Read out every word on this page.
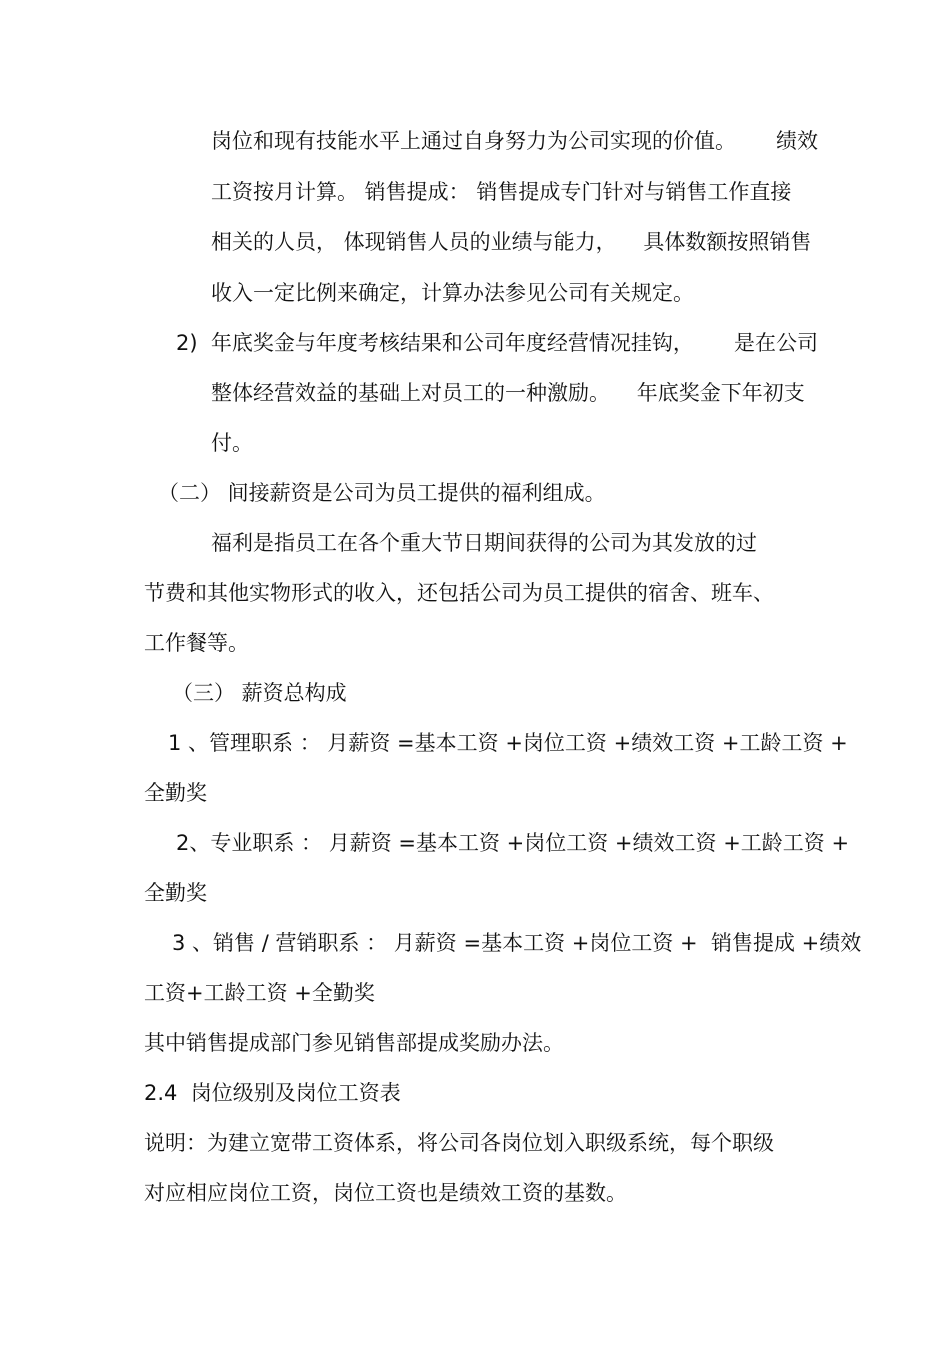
岗位和现有技能水平上通过自身努力为公司实现的价值。      绩效
工资按月计算。 销售提成： 销售提成专门针对与销售工作直接
相关的人员， 体现销售人员的业绩与能力，    具体数额按照销售
收入一定比例来确定，计算办法参见公司有关规定。
2)  年底奖金与年度考核结果和公司年度经营情况挂钩，      是在公司
整体经营效益的基础上对员工的一种激励。    年底奖金下年初支
付。
（二） 间接薪资是公司为员工提供的福利组成。
福利是指员工在各个重大节日期间获得的公司为其发放的过
节费和其他实物形式的收入，还包括公司为员工提供的宿舍、班车、
工作餐等。
（三） 薪资总构成
1 、管理职系 ： 月薪资 =基本工资 +岗位工资 +绩效工资 +工龄工资 +
全勤奖
2、专业职系 ： 月薪资 =基本工资 +岗位工资 +绩效工资 +工龄工资 +
全勤奖
3 、销售 / 营销职系 ： 月薪资 =基本工资 +岗位工资 +  销售提成 +绩效
工资+工龄工资 +全勤奖
其中销售提成部门参见销售部提成奖励办法。
2.4  岗位级别及岗位工资表
说明：为建立宽带工资体系，将公司各岗位划入职级系统，每个职级
对应相应岗位工资，岗位工资也是绩效工资的基数。
